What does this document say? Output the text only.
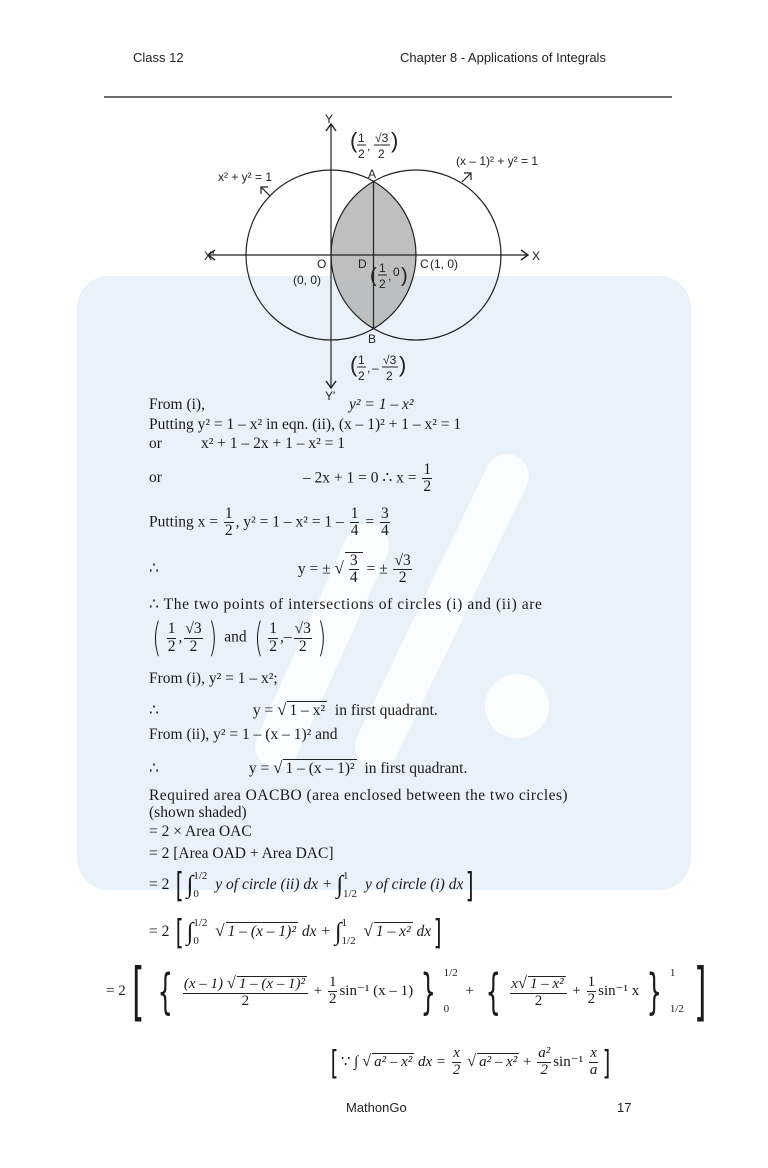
Class 12	Chapter 8 - Applications of Integrals
Y
X'	X
Y'
x² + y² = 1
(x – 1)² + y² = 1
A
B
O
(0, 0)
D	C (1, 0)
( 1
2
,
√3
2
)
( 1
2
, 0 )
( 1
2
, –
√3
2 )
From (i),	y² = 1 – x²
Putting y² = 1 – x² in eqn. (ii), (x – 1)² + 1 – x² = 1
or	x² + 1 – 2x + 1 – x² = 1
or	– 2x + 1 = 0 ∴ $x = \frac{1}{2}$
Putting $x = \frac{1}{2}$ , $y^2 = 1 - x^2 = 1 - \frac{1}{4} = \frac{3}{4}$
∴	y = ± √ $\frac{3}{4}$ = ± $\frac{√3}{2}$
∴ The two points of intersections of circles (i) and (ii) are
( $\frac{1}{2}$ , $\frac{√3}{2}$ ) and ( $\frac{1}{2}$ ,– $\frac{√3}{2}$ )
From (i), y² = 1 – x²;
∴	y = √ 1 – x² in first quadrant.
From (ii), y² = 1 – (x – 1)² and
∴	y = √ 1 – (x – 1)² in first quadrant.
Required area OACBO (area enclosed between the two circles)
(shown shaded)
= 2 × Area OAC
= 2 [Area OAD + Area DAC]
= 2 [ ∫ 1/2
0
y of circle (ii) dx + ∫ 1
1/2
y of circle (i) dx]
= 2 [ ∫ 1/2
0
√ 1 – (x – 1)² dx + ∫ 1
1/2
√ 1 – x² dx]
= 2[ { $\frac{\text{(x – 1) √ 1 – (x – 1)²}}{2} + \frac{1}{2} \sin^{-1}$ (x – 1) } 1/2
0
+ { $\frac{\text{x√ 1 – x²}}{2} + \frac{1}{2} \sin^{-1}$ x } 1
1/2 ]
[ ∵ ∫ √ a² – x² dx = $\frac{x}{2}$ √ $a^2 - x^2 + \frac{\text{a²}}{2} \sin^{-1} \frac{x}{a}$ ]
MathonGo	17
